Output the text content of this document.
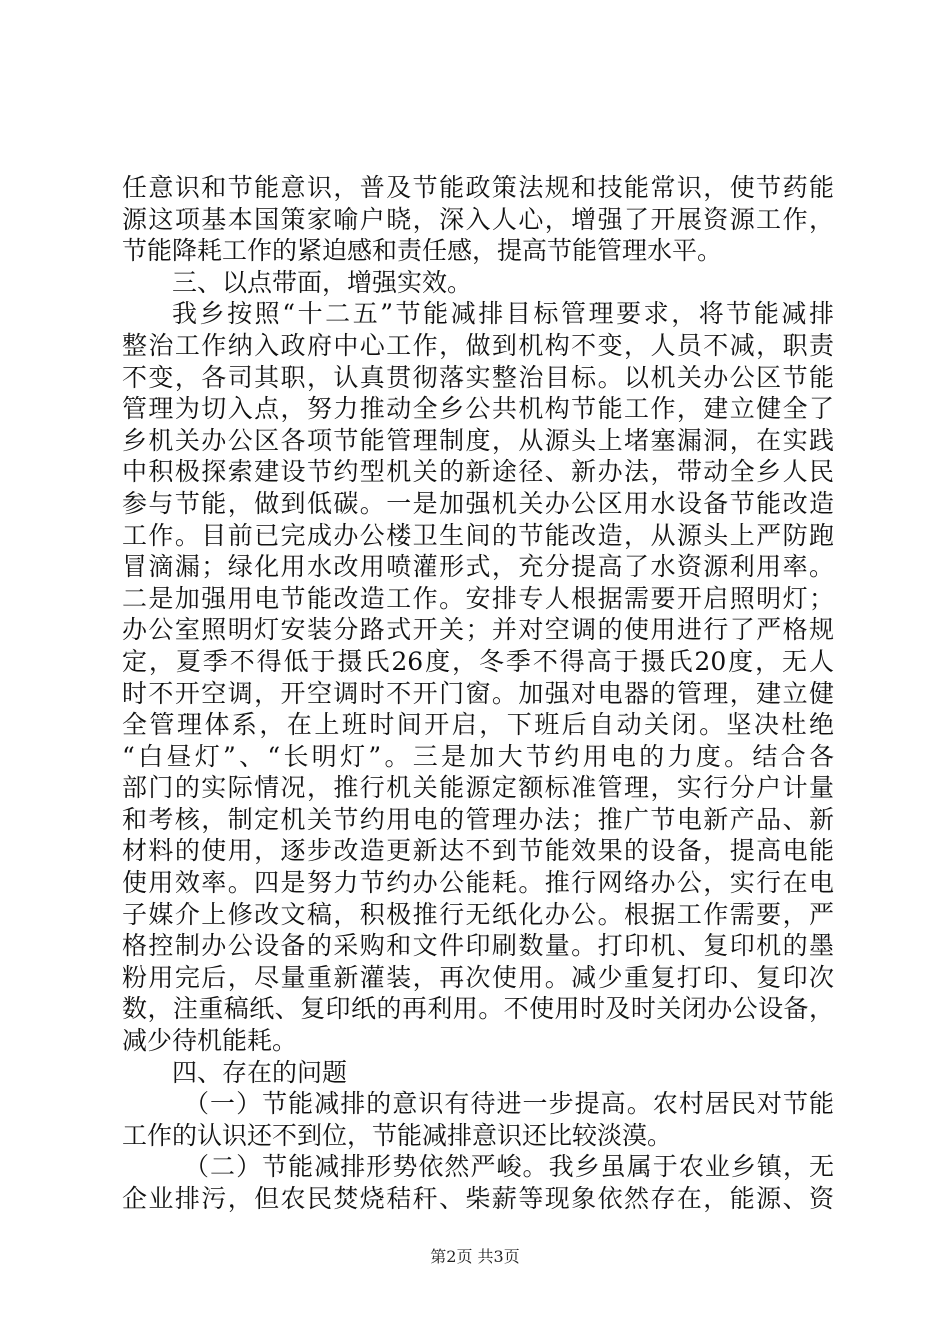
任意识和节能意识，普及节能政策法规和技能常识，使节药能
源这项基本国策家喻户晓，深入人心，增强了开展资源工作，
节能降耗工作的紧迫感和责任感，提高节能管理水平。
三、以点带面，增强实效。
我乡按照“十二五”节能减排目标管理要求，将节能减排
整治工作纳入政府中心工作，做到机构不变，人员不减，职责
不变，各司其职，认真贯彻落实整治目标。以机关办公区节能
管理为切入点，努力推动全乡公共机构节能工作，建立健全了
乡机关办公区各项节能管理制度，从源头上堵塞漏洞，在实践
中积极探索建设节约型机关的新途径、新办法，带动全乡人民
参与节能，做到低碳。一是加强机关办公区用水设备节能改造
工作。目前已完成办公楼卫生间的节能改造，从源头上严防跑
冒滴漏；绿化用水改用喷灌形式，充分提高了水资源利用率。
二是加强用电节能改造工作。安排专人根据需要开启照明灯；
办公室照明灯安装分路式开关；并对空调的使用进行了严格规
定，夏季不得低于摄氏26度，冬季不得高于摄氏20度，无人
时不开空调，开空调时不开门窗。加强对电器的管理，建立健
全管理体系，在上班时间开启，下班后自动关闭。坚决杜绝
“白昼灯”、“长明灯”。三是加大节约用电的力度。结合各
部门的实际情况，推行机关能源定额标准管理，实行分户计量
和考核，制定机关节约用电的管理办法；推广节电新产品、新
材料的使用，逐步改造更新达不到节能效果的设备，提高电能
使用效率。四是努力节约办公能耗。推行网络办公，实行在电
子媒介上修改文稿，积极推行无纸化办公。根据工作需要，严
格控制办公设备的采购和文件印刷数量。打印机、复印机的墨
粉用完后，尽量重新灌装，再次使用。减少重复打印、复印次
数，注重稿纸、复印纸的再利用。不使用时及时关闭办公设备，
减少待机能耗。
四、存在的问题
（一）节能减排的意识有待进一步提高。农村居民对节能
工作的认识还不到位，节能减排意识还比较淡漠。
（二）节能减排形势依然严峻。我乡虽属于农业乡镇，无
企业排污，但农民焚烧秸秆、柴薪等现象依然存在，能源、资
第2页 共3页
